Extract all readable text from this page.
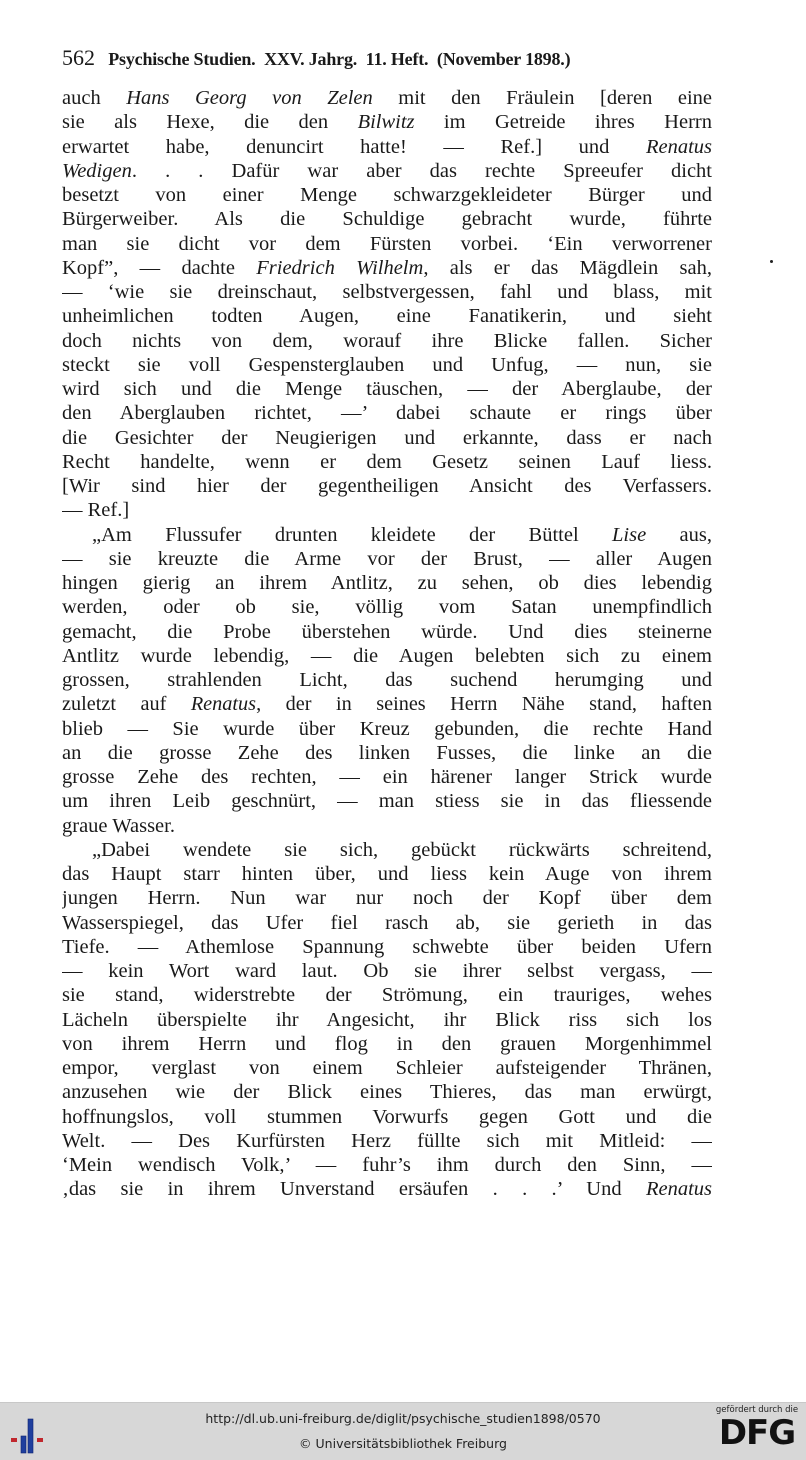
562 Psychische Studien.  XXV. Jahrg.  11. Heft.  (November 1898.)
auch Hans Georg von Zelen mit den Fräulein [deren eine
sie als Hexe, die den Bilwitz im Getreide ihres Herrn
erwartet habe, denuncirt hatte! — Ref.] und Renatus
Wedigen. . . Dafür war aber das rechte Spreeufer dicht
besetzt von einer Menge schwarzgekleideter Bürger und
Bürgerweiber. Als die Schuldige gebracht wurde, führte
man sie dicht vor dem Fürsten vorbei. ‘Ein verworrener
Kopf”, — dachte Friedrich Wilhelm, als er das Mägdlein sah,
— ‘wie sie dreinschaut, selbstvergessen, fahl und blass, mit
unheimlichen todten Augen, eine Fanatikerin, und sieht
doch nichts von dem, worauf ihre Blicke fallen. Sicher
steckt sie voll Gespensterglauben und Unfug, — nun, sie
wird sich und die Menge täuschen, — der Aberglaube, der
den Aberglauben richtet, —’ dabei schaute er rings über
die Gesichter der Neugierigen und erkannte, dass er nach
Recht handelte, wenn er dem Gesetz seinen Lauf liess.
[Wir sind hier der gegentheiligen Ansicht des Verfassers.
— Ref.]
„Am Flussufer drunten kleidete der Büttel Lise aus,
— sie kreuzte die Arme vor der Brust, — aller Augen
hingen gierig an ihrem Antlitz, zu sehen, ob dies lebendig
werden, oder ob sie, völlig vom Satan unempfindlich
gemacht, die Probe überstehen würde. Und dies steinerne
Antlitz wurde lebendig, — die Augen belebten sich zu einem
grossen, strahlenden Licht, das suchend herumging und
zuletzt auf Renatus, der in seines Herrn Nähe stand, haften
blieb — Sie wurde über Kreuz gebunden, die rechte Hand
an die grosse Zehe des linken Fusses, die linke an die
grosse Zehe des rechten, — ein härener langer Strick wurde
um ihren Leib geschnürt, — man stiess sie in das fliessende
graue Wasser.
„Dabei wendete sie sich, gebückt rückwärts schreitend,
das Haupt starr hinten über, und liess kein Auge von ihrem
jungen Herrn. Nun war nur noch der Kopf über dem
Wasserspiegel, das Ufer fiel rasch ab, sie gerieth in das
Tiefe. — Athemlose Spannung schwebte über beiden Ufern
— kein Wort ward laut. Ob sie ihrer selbst vergass, —
sie stand, widerstrebte der Strömung, ein trauriges, wehes
Lächeln überspielte ihr Angesicht, ihr Blick riss sich los
von ihrem Herrn und flog in den grauen Morgenhimmel
empor, verglast von einem Schleier aufsteigender Thränen,
anzusehen wie der Blick eines Thieres, das man erwürgt,
hoffnungslos, voll stummen Vorwurfs gegen Gott und die
Welt. — Des Kurfürsten Herz füllte sich mit Mitleid: —
‘Mein wendisch Volk,’ — fuhr’s ihm durch den Sinn, —
‚das sie in ihrem Unverstand ersäufen . . .’ Und Renatus
http://dl.ub.uni-freiburg.de/diglit/psychische_studien1898/0570
© Universitätsbibliothek Freiburg
gefördert durch die
DFG
